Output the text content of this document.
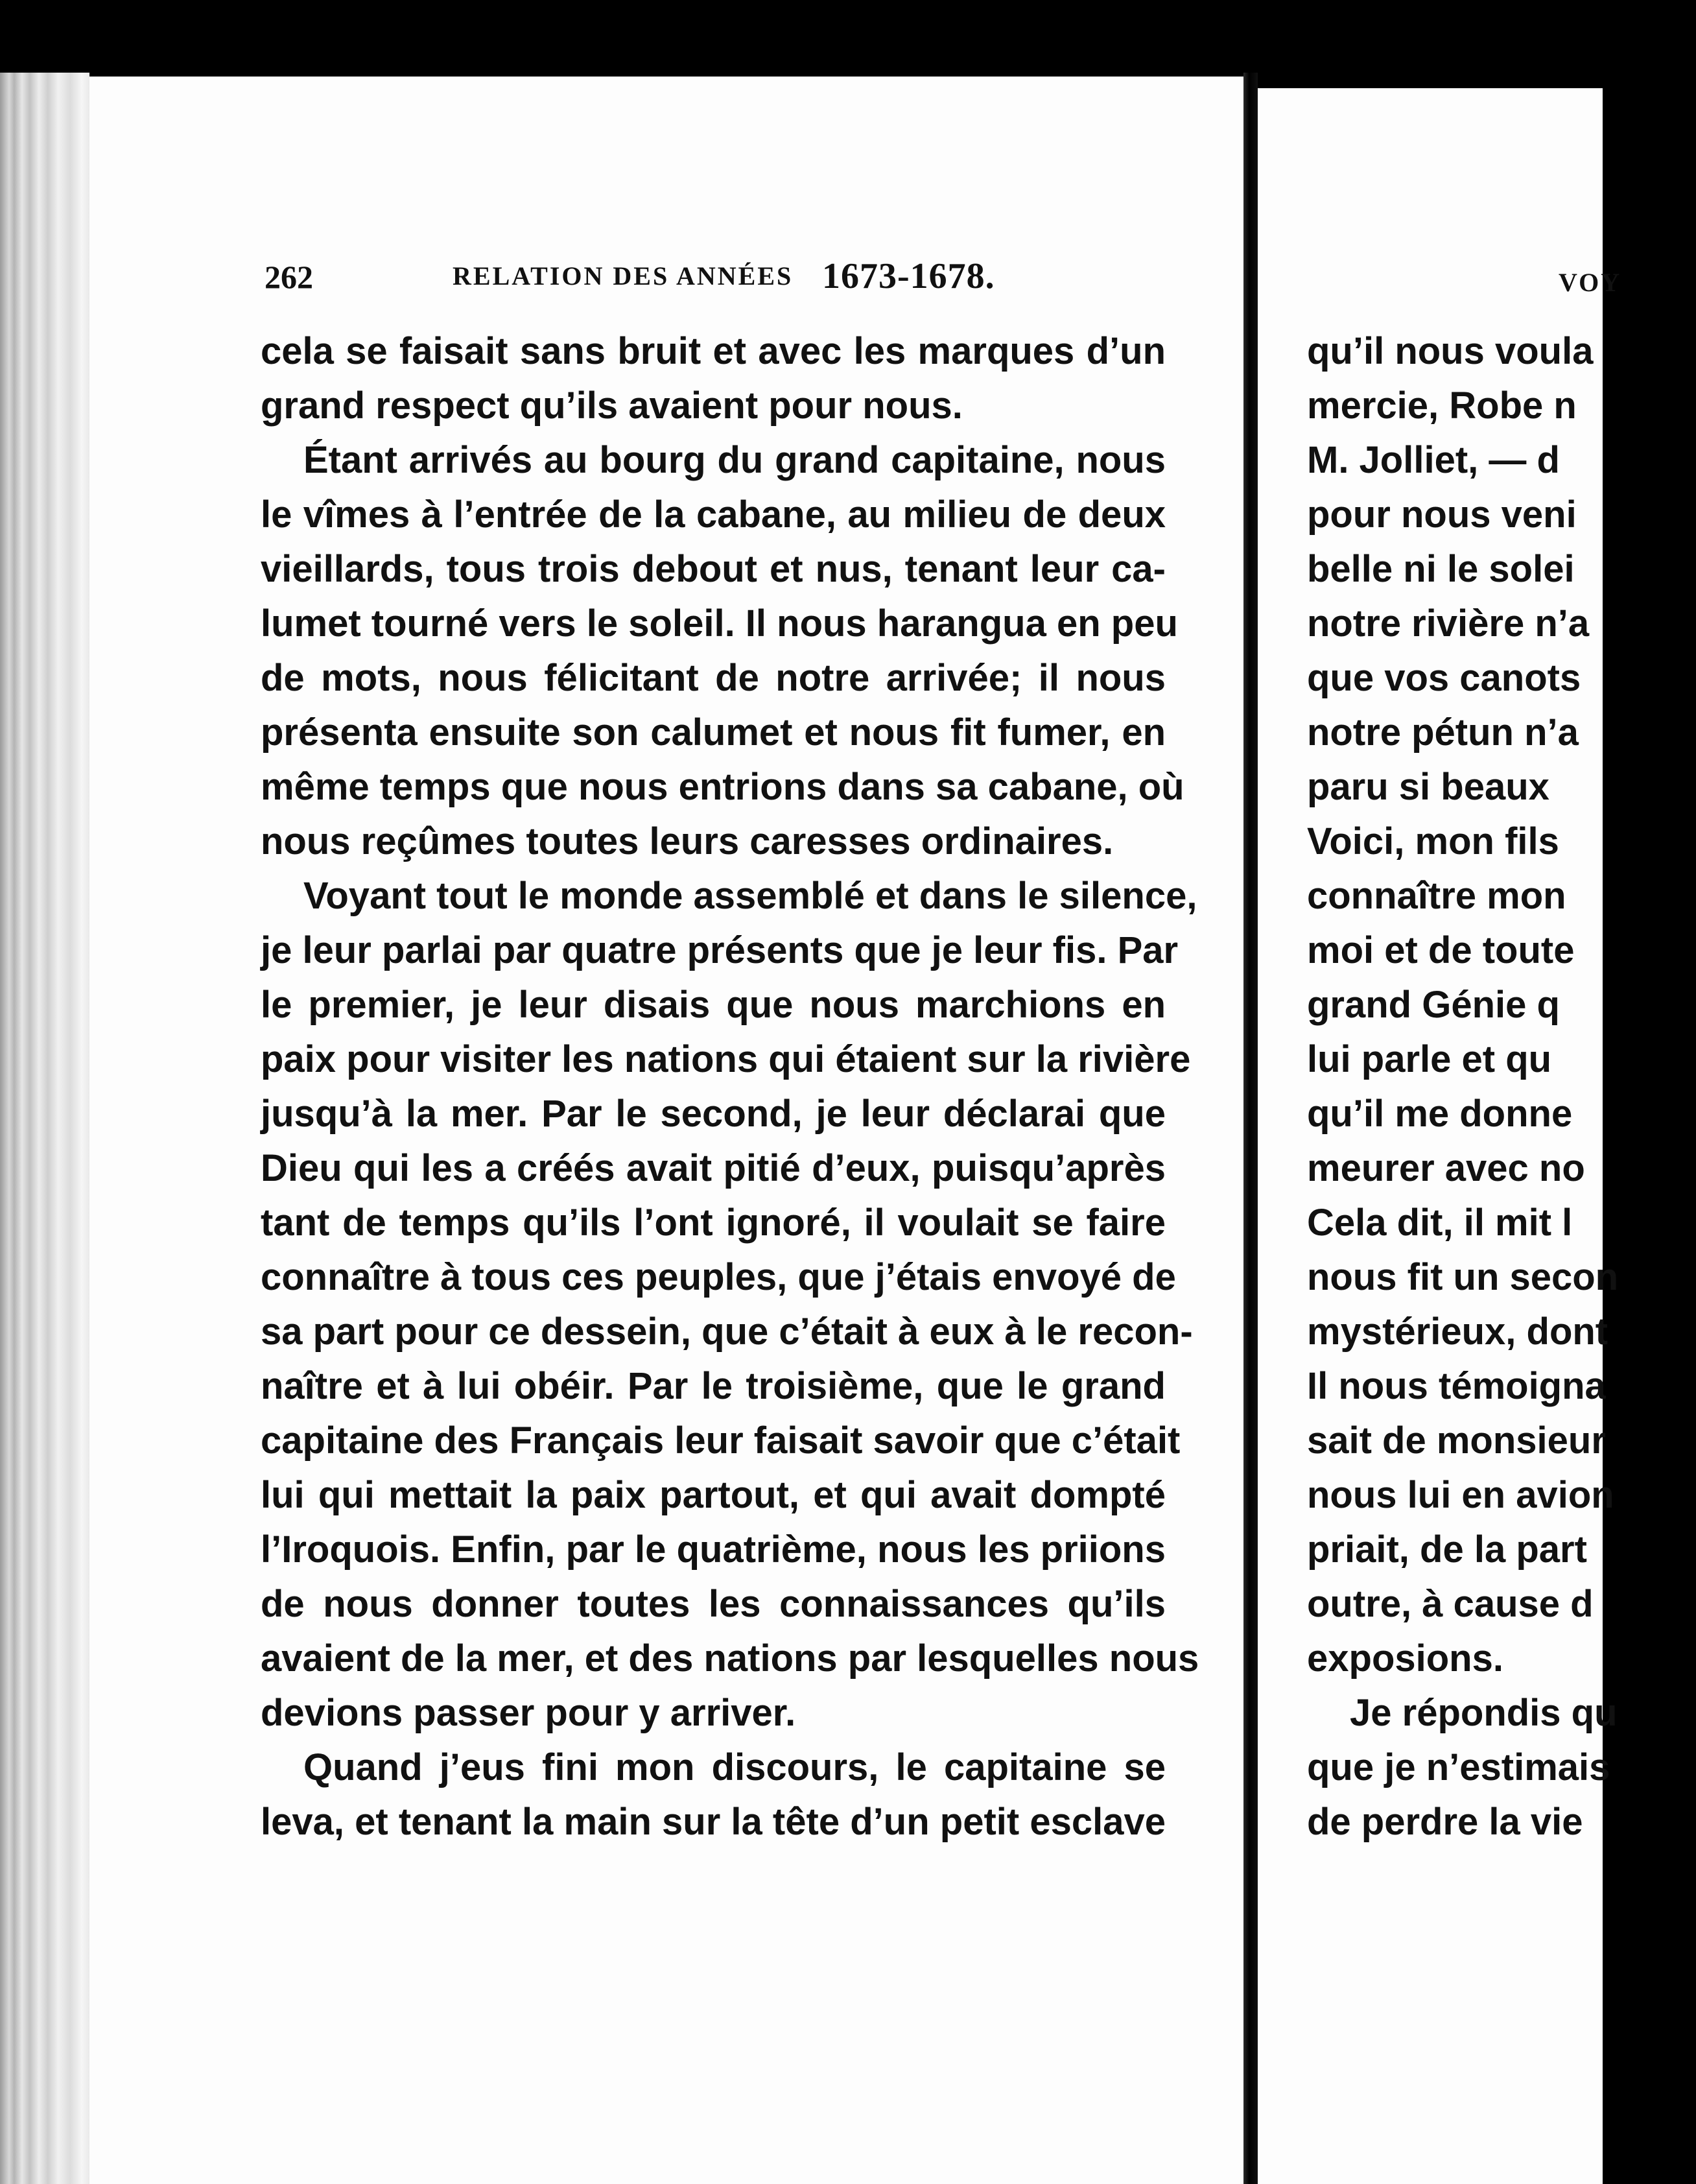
262	RELATION DES ANNÉES 1673-1678.
cela se faisait sans bruit et avec les marques d’un
grand respect qu’ils avaient pour nous.
Étant arrivés au bourg du grand capitaine, nous
le vîmes à l’entrée de la cabane, au milieu de deux
vieillards, tous trois debout et nus, tenant leur ca-
lumet tourné vers le soleil. Il nous harangua en peu
de mots, nous félicitant de notre arrivée; il nous
présenta ensuite son calumet et nous fit fumer, en
même temps que nous entrions dans sa cabane, où
nous reçûmes toutes leurs caresses ordinaires.
Voyant tout le monde assemblé et dans le silence,
je leur parlai par quatre présents que je leur fis. Par
le premier, je leur disais que nous marchions en
paix pour visiter les nations qui étaient sur la rivière
jusqu’à la mer. Par le second, je leur déclarai que
Dieu qui les a créés avait pitié d’eux, puisqu’après
tant de temps qu’ils l’ont ignoré, il voulait se faire
connaître à tous ces peuples, que j’étais envoyé de
sa part pour ce dessein, que c’était à eux à le recon-
naître et à lui obéir. Par le troisième, que le grand
capitaine des Français leur faisait savoir que c’était
lui qui mettait la paix partout, et qui avait dompté
l’Iroquois. Enfin, par le quatrième, nous les priions
de nous donner toutes les connaissances qu’ils
avaient de la mer, et des nations par lesquelles nous
devions passer pour y arriver.
Quand j’eus fini mon discours, le capitaine se
leva, et tenant la main sur la tête d’un petit esclave
VOY
qu’il nous voula
mercie, Robe n
M. Jolliet, — d
pour nous veni
belle ni le solei
notre rivière n’a
que vos canots
notre pétun n’a
paru si beaux
Voici, mon fils
connaître mon
moi et de toute
grand Génie q
lui parle et qu
qu’il me donne
meurer avec no
Cela dit, il mit l
nous fit un secon
mystérieux, dont
Il nous témoigna
sait de monsieur
nous lui en avion
priait, de la part
outre, à cause d
exposions.
Je répondis qu
que je n’estimais
de perdre la vie
